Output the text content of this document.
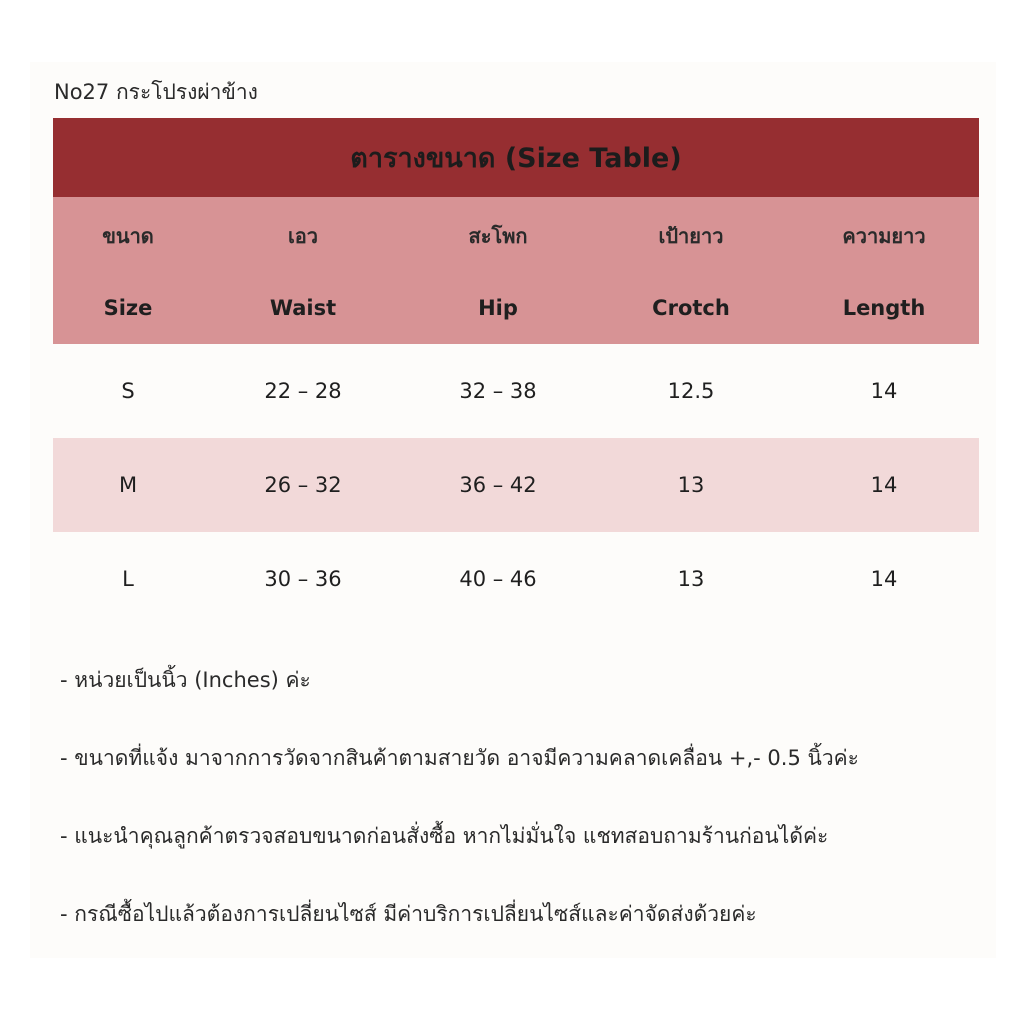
No27 กระโปรงผ่าข้าง
ตารางขนาด (Size Table)
ขนาด	เอว	สะโพก	เป้ายาว	ความยาว
Size	Waist	Hip	Crotch	Length
S	22 – 28	32 – 38	12.5	14
M	26 – 32	36 – 42	13	14
L	30 – 36	40 – 46	13	14
- หน่วยเป็นนิ้ว (Inches) ค่ะ
- ขนาดที่แจ้ง มาจากการวัดจากสินค้าตามสายวัด อาจมีความคลาดเคลื่อน +,- 0.5 นิ้วค่ะ
- แนะนำคุณลูกค้าตรวจสอบขนาดก่อนสั่งซื้อ หากไม่มั่นใจ แชทสอบถามร้านก่อนได้ค่ะ
- กรณีซื้อไปแล้วต้องการเปลี่ยนไซส์ มีค่าบริการเปลี่ยนไซส์และค่าจัดส่งด้วยค่ะ
